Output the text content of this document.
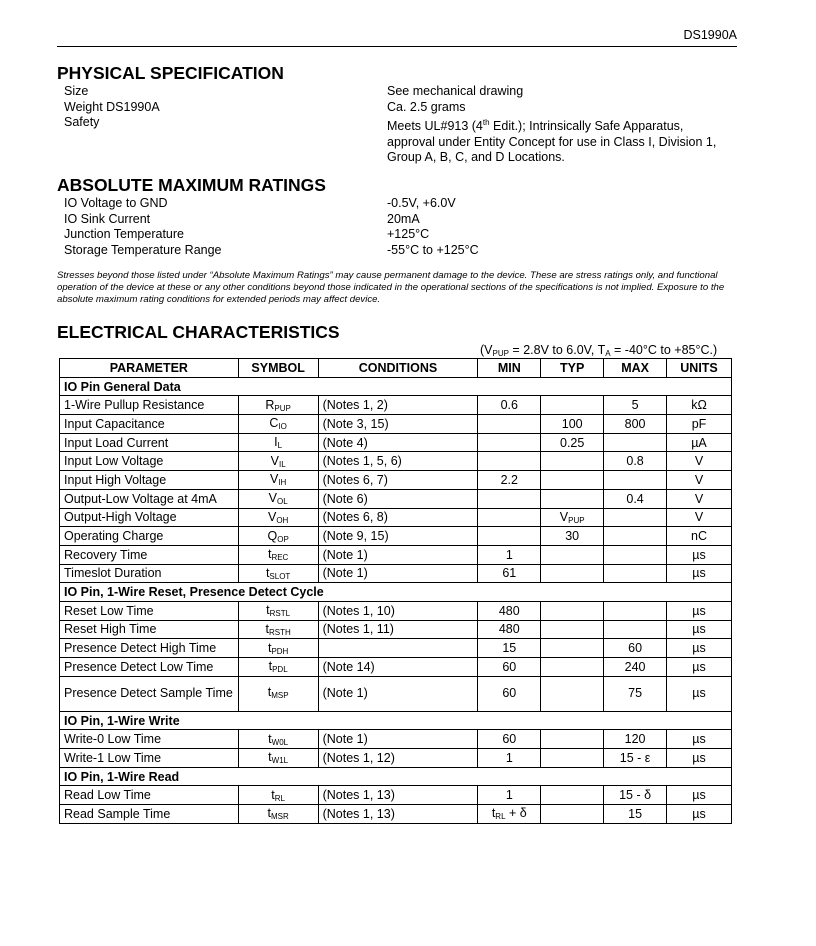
DS1990A
PHYSICAL SPECIFICATION
Size	See mechanical drawing
Weight DS1990A	Ca. 2.5 grams
Safety	Meets UL#913 (4th Edit.); Intrinsically Safe Apparatus, approval under Entity Concept for use in Class I, Division 1, Group A, B, C, and D Locations.
ABSOLUTE MAXIMUM RATINGS
IO Voltage to GND	-0.5V, +6.0V
IO Sink Current	20mA
Junction Temperature	+125°C
Storage Temperature Range	-55°C to +125°C
Stresses beyond those listed under “Absolute Maximum Ratings” may cause permanent damage to the device. These are stress ratings only, and functional operation of the device at these or any other conditions beyond those indicated in the operational sections of the specifications is not implied. Exposure to the absolute maximum rating conditions for extended periods may affect device.
ELECTRICAL CHARACTERISTICS
($V_{PUP} = 2.8V$ to 6.0V, $T_A = -40^\circ C$ to +85°C.)
PARAMETER	SYMBOL	CONDITIONS	MIN	TYP	MAX	UNITS
IO Pin General Data						
1-Wire Pullup Resistance	$R_{PUP}$	(Notes 1, 2)	0.6		5	kΩ
Input Capacitance	$C_{IO}$	(Note 3, 15)		100	800	pF
Input Load Current	$I_L$	(Note 4)		0.25		µA
Input Low Voltage	$V_{IL}$	(Notes 1, 5, 6)			0.8	V
Input High Voltage	$V_{IH}$	(Notes 6, 7)	2.2			V
Output-Low Voltage at 4mA	$V_{OL}$	(Note 6)			0.4	V
Output-High Voltage	$V_{OH}$	(Notes 6, 8)		$V_{PUP}$		V
Operating Charge	$Q_{OP}$	(Note 9, 15)		30		nC
Recovery Time	$t_{REC}$	(Note 1)	1			µs
Timeslot Duration	$t_{SLOT}$	(Note 1)	61			µs
IO Pin, 1-Wire Reset, Presence Detect Cycle						
Reset Low Time	$t_{RSTL}$	(Notes 1, 10)	480			µs
Reset High Time	$t_{RSTH}$	(Notes 1, 11)	480			µs
Presence Detect High Time	$t_{PDH}$		15		60	µs
Presence Detect Low Time	$t_{PDL}$	(Note 14)	60		240	µs
Presence Detect Sample Time	$t_{MSP}$	(Note 1)	60		75	µs
IO Pin, 1-Wire Write						
Write-0 Low Time	$t_{W0L}$	(Note 1)	60		120	µs
Write-1 Low Time	$t_{W1L}$	(Notes 1, 12)	1		15 - ε	µs
IO Pin, 1-Wire Read						
Read Low Time	$t_{RL}$	(Notes 1, 13)	1		15 - δ	µs
Read Sample Time	$t_{MSR}$	(Notes 1, 13)	$t_{RL} + \delta$		15	µs
